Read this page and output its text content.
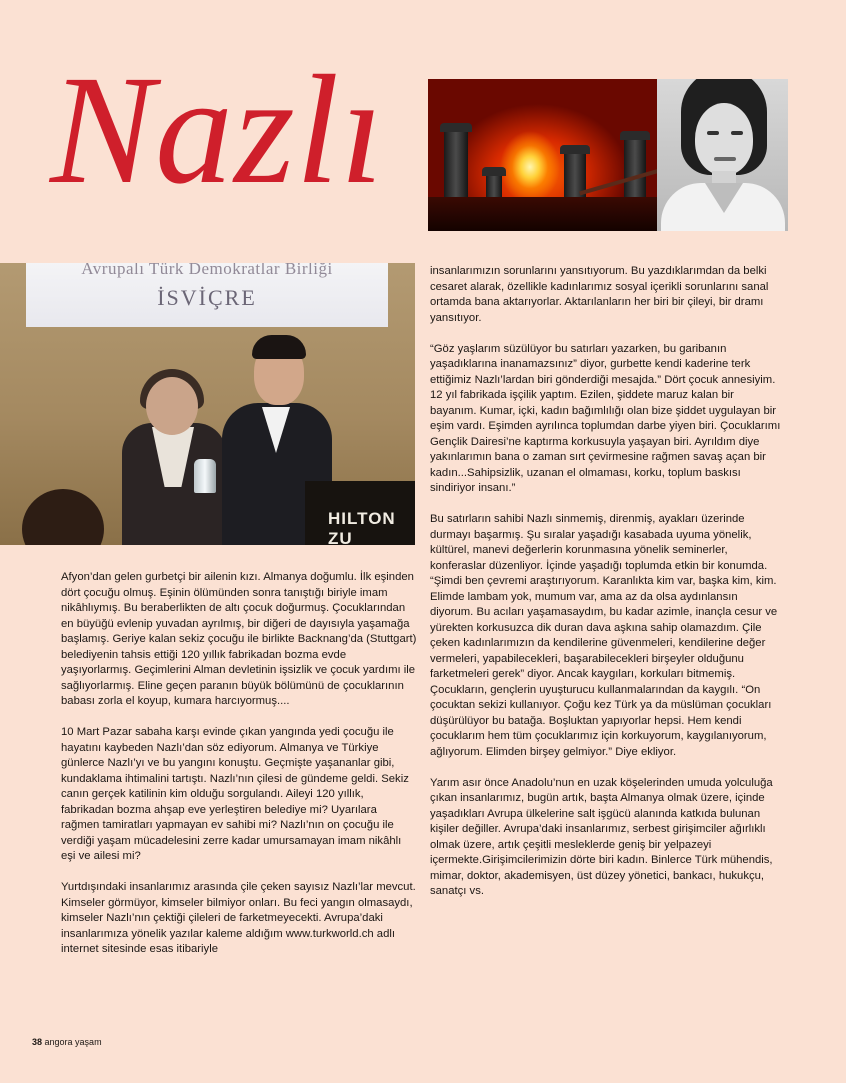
Nazlı
Avrupalı Türk Demokratlar Birliği
İSVİÇRE
HILTON ZU

Afyon’dan gelen gurbetçi bir ailenin kızı. Almanya doğumlu. İlk eşinden dört çocuğu olmuş. Eşinin ölümünden sonra tanıştığı biriyle imam nikâhlıymış. Bu beraberlikten de altı çocuk doğurmuş. Çocuklarından en büyüğü evlenip yuvadan ayrılmış, bir diğeri de dayısıyla yaşamağa başlamış. Geriye kalan sekiz çocuğu ile birlikte Backnang’da (Stuttgart) belediyenin tahsis ettiği 120 yıllık fabrikadan bozma evde yaşıyorlarmış. Geçimlerini Alman devletinin işsizlik ve çocuk yardımı ile sağlıyorlarmış. Eline geçen paranın büyük bölümünü de çocuklarının babası zorla el koyup, kumara harcıyormuş....

10 Mart Pazar sabaha karşı evinde çıkan yangında yedi çocuğu ile hayatını kaybeden Nazlı’dan söz ediyorum. Almanya ve Türkiye günlerce Nazlı’yı ve bu yangını konuştu. Geçmişte yaşananlar gibi, kundaklama ihtimalini tartıştı. Nazlı’nın çilesi de gündeme geldi. Sekiz canın gerçek katilinin kim olduğu sorgulandı. Aileyi 120 yıllık, fabrikadan bozma ahşap eve yerleştiren belediye mi? Uyarılara rağmen tamiratları yapmayan ev sahibi mi? Nazlı’nın on çocuğu ile verdiği yaşam mücadelesini zerre kadar umursamayan imam nikâhlı eşi ve ailesi mi?

Yurtdışındaki insanlarımız arasında çile çeken sayısız Nazlı’lar mevcut. Kimseler görmüyor, kimseler bilmiyor onları. Bu feci yangın olmasaydı, kimseler Nazlı’nın çektiği çileleri de farketmeyecekti. Avrupa’daki insanlarımıza yönelik yazılar kaleme aldığım www.turkworld.ch adlı internet sitesinde esas itibariyle

insanlarımızın sorunlarını yansıtıyorum. Bu yazdıklarımdan da belki cesaret alarak, özellikle kadınlarımız sosyal içerikli sorunlarını sanal ortamda bana aktarıyorlar. Aktarılanların her biri bir çileyi, bir dramı yansıtıyor.

“Göz yaşlarım süzülüyor bu satırları yazarken, bu garibanın yaşadıklarına inanamazsınız” diyor, gurbette kendi kaderine terk ettiğimiz Nazlı’lardan biri gönderdiği mesajda.” Dört çocuk annesiyim. 12 yıl fabrikada işçilik yaptım. Ezilen, şiddete maruz kalan bir bayanım. Kumar, içki, kadın bağımlılığı olan bize şiddet uygulayan bir eşim vardı. Eşimden ayrılınca toplumdan darbe yiyen biri. Çocuklarımı Gençlik Dairesi’ne kaptırma korkusuyla yaşayan biri. Ayrıldım diye yakınlarımın bana o zaman sırt çevirmesine rağmen savaş açan bir kadın...Sahipsizlik, uzanan el olmaması, korku, toplum baskısı sindiriyor insanı.”

Bu satırların sahibi Nazlı sinmemiş, direnmiş, ayakları üzerinde durmayı başarmış. Şu sıralar yaşadığı kasabada uyuma yönelik, kültürel, manevi değerlerin korunmasına yönelik seminerler, konferaslar düzenliyor. İçinde yaşadığı toplumda etkin bir konumda. “Şimdi ben çevremi araştırıyorum. Karanlıkta kim var, başka kim, kim. Elimde lambam yok, mumum var, ama az da olsa aydınlansın diyorum. Bu acıları yaşamasaydım, bu kadar azimle, inançla cesur ve yürekten korkusuzca dik duran dava aşkına sahip olamazdım. Çile çeken kadınlarımızın da kendilerine güvenmeleri, kendilerine değer vermeleri, yapabilecekleri, başarabilecekleri birşeyler olduğunu farketmeleri gerek” diyor. Ancak kaygıları, korkuları bitmemiş. Çocukların, gençlerin uyuşturucu kullanmalarından da kaygılı. “On çocuktan sekizi kullanıyor. Çoğu kez Türk ya da müslüman çocukları düşürülüyor bu batağa. Boşluktan yapıyorlar hepsi. Hem kendi çocuklarım hem tüm çocuklarımız için korkuyorum, kaygılanıyorum, ağlıyorum. Elimden birşey gelmiyor.” Diye ekliyor.

Yarım asır önce Anadolu’nun en uzak köşelerinden umuda yolculuğa çıkan insanlarımız, bugün artık, başta Almanya olmak üzere, içinde yaşadıkları Avrupa ülkelerine salt işgücü alanında katkıda bulunan kişiler değiller. Avrupa’daki insanlarımız, serbest girişimciler ağırlıklı olmak üzere, artık çeşitli mesleklerde geniş bir yelpazeyi içermekte.Girişimcilerimizin dörte biri kadın. Binlerce Türk mühendis, mimar, doktor, akademisyen, üst düzey yönetici, bankacı, hukukçu, sanatçı vs.

38 angora yaşam
